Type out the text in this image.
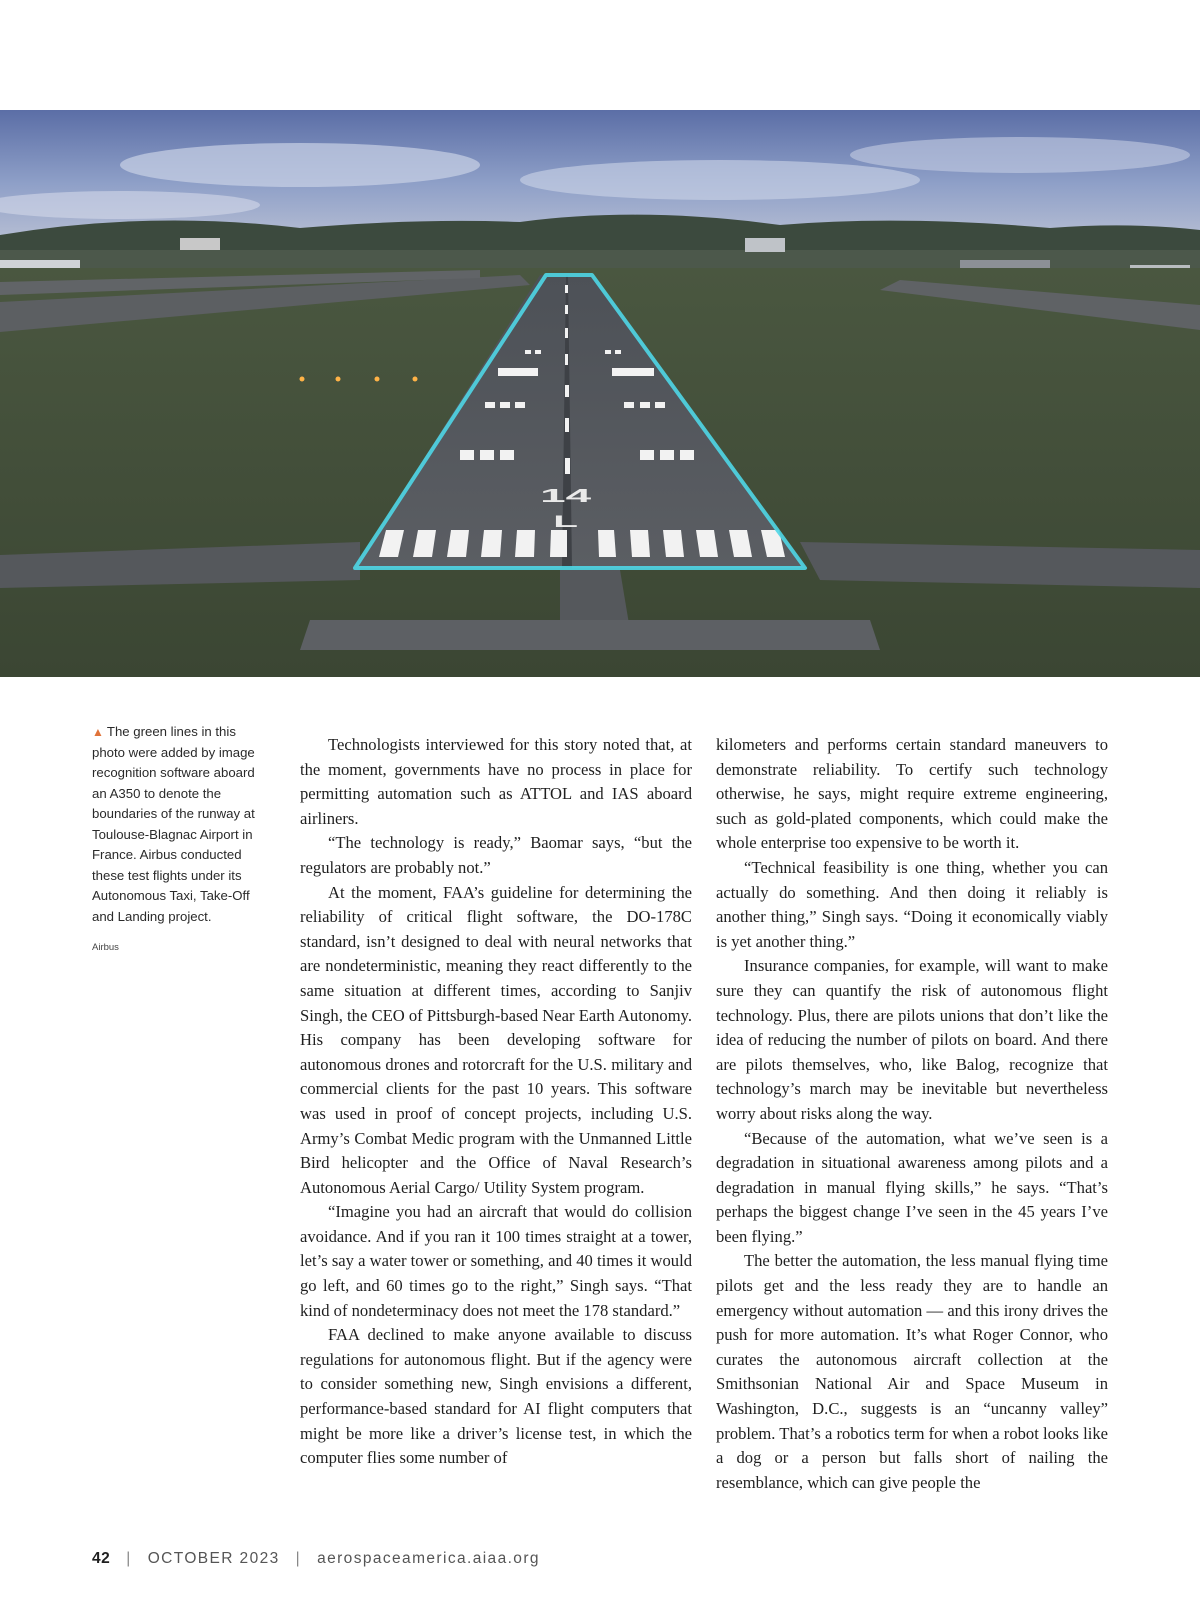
14
L
▲ The green lines in this photo were added by image recognition software aboard an A350 to denote the boundaries of the runway at Toulouse-Blagnac Airport in France. Airbus conducted these test flights under its Autonomous Taxi, Take-Off and Landing project.
Airbus

Technologists interviewed for this story noted that, at the moment, governments have no process in place for permitting automation such as ATTOL and IAS aboard airliners.

“The technology is ready,” Baomar says, “but the regulators are probably not.”

At the moment, FAA’s guideline for determining the reliability of critical flight software, the DO-178C standard, isn’t designed to deal with neural networks that are nondeterministic, meaning they react differently to the same situation at different times, according to Sanjiv Singh, the CEO of Pittsburgh-based Near Earth Autonomy. His company has been developing software for autonomous drones and rotorcraft for the U.S. military and commercial clients for the past 10 years. This software was used in proof of concept projects, including U.S. Army’s Combat Medic program with the Unmanned Little Bird helicopter and the Office of Naval Research’s Autonomous Aerial Cargo/ Utility System program.

“Imagine you had an aircraft that would do collision avoidance. And if you ran it 100 times straight at a tower, let’s say a water tower or something, and 40 times it would go left, and 60 times go to the right,” Singh says. “That kind of nondeterminacy does not meet the 178 standard.”

FAA declined to make anyone available to discuss regulations for autonomous flight. But if the agency were to consider something new, Singh envisions a different, performance-based standard for AI flight computers that might be more like a driver’s license test, in which the computer flies some number of

kilometers and performs certain standard maneuvers to demonstrate reliability. To certify such technology otherwise, he says, might require extreme engineering, such as gold-plated components, which could make the whole enterprise too expensive to be worth it.

“Technical feasibility is one thing, whether you can actually do something. And then doing it reliably is another thing,” Singh says. “Doing it economically viably is yet another thing.”

Insurance companies, for example, will want to make sure they can quantify the risk of autonomous flight technology. Plus, there are pilots unions that don’t like the idea of reducing the number of pilots on board. And there are pilots themselves, who, like Balog, recognize that technology’s march may be inevitable but nevertheless worry about risks along the way.

“Because of the automation, what we’ve seen is a degradation in situational awareness among pilots and a degradation in manual flying skills,” he says. “That’s perhaps the biggest change I’ve seen in the 45 years I’ve been flying.”

The better the automation, the less manual flying time pilots get and the less ready they are to handle an emergency without automation — and this irony drives the push for more automation. It’s what Roger Connor, who curates the autonomous aircraft collection at the Smithsonian National Air and Space Museum in Washington, D.C., suggests is an “uncanny valley” problem. That’s a robotics term for when a robot looks like a dog or a person but falls short of nailing the resemblance, which can give people the

42 | OCTOBER 2023 | aerospaceamerica.aiaa.org
